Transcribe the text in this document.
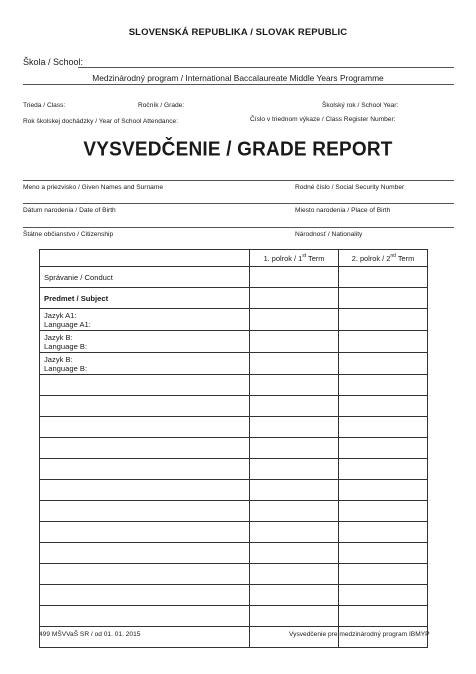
SLOVENSKÁ REPUBLIKA / SLOVAK REPUBLIC
Škola / School:
Medzinárodný program / International Baccalaureate Middle Years Programme
Trieda / Class:	Ročník / Grade:	Školský rok / School Year:
Rok školskej dochádzky / Year of School Attendance:	Číslo v triednom výkaze / Class Register Number:
VYSVEDČENIE / GRADE REPORT
Meno a priezvisko / Given Names and Surname	Rodné číslo / Social Security Number
Dátum narodenia / Date of Birth	Miesto narodenia / Place of Birth
Štátne občianstvo / Citizenship	Národnosť / Nationality
	1. polrok / 1st Term	2. polrok / 2nd Term
Správanie / Conduct		
Predmet / Subject		

Jazyk A1:
Language A1:		

Jazyk B:
Language B:		

Jazyk B:
Language B:		

499 MŠVVaŠ SR / od 01. 01. 2015	Vysvedčenie pre medzinárodný program IBMYP
